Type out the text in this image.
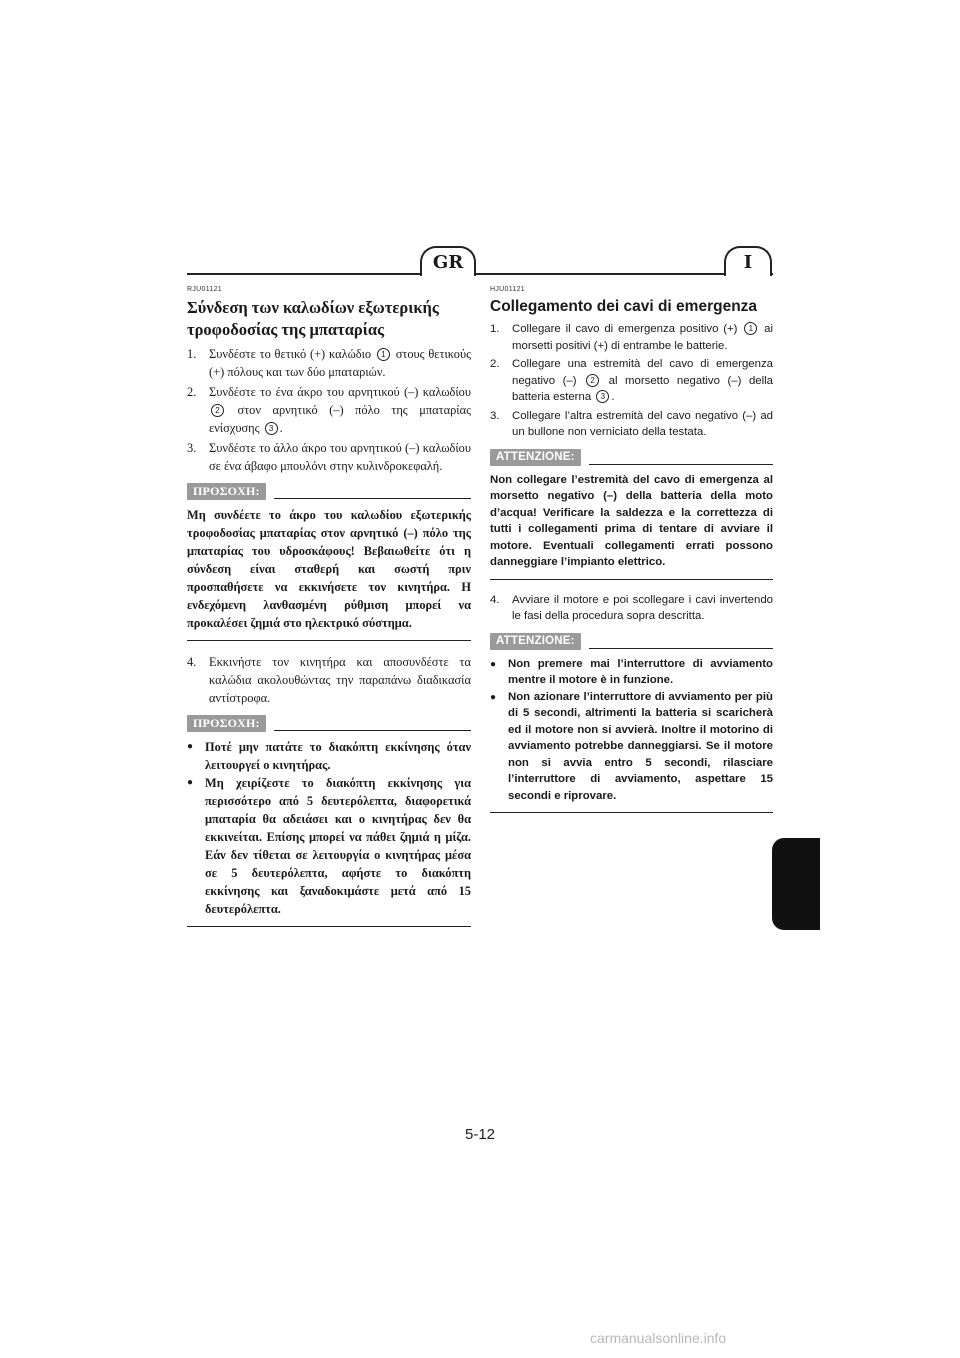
GR	I
RJU01121
Σύνδεση των καλωδίων εξωτερικής τροφοδοσίας της μπαταρίας
1.	Συνδέστε το θετικό (+) καλώδιο 1 στους θετικούς (+) πόλους και των δύο μπαταριών.
2.	Συνδέστε το ένα άκρο του αρνητικού (–) καλωδίου 2 στον αρνητικό (–) πόλο της μπαταρίας ενίσχυσης 3 .
3.	Συνδέστε το άλλο άκρο του αρνητικού (–) καλωδίου σε ένα άβαφο μπουλόνι στην κυλινδροκεφαλή.
ΠΡΟΣΟΧΗ:
Μη συνδέετε το άκρο του καλωδίου εξωτερικής τροφοδοσίας μπαταρίας στον αρνητικό (–) πόλο της μπαταρίας του υδροσκάφους! Βεβαιωθείτε ότι η σύνδεση είναι σταθερή και σωστή πριν προσπαθήσετε να εκκινήσετε τον κινητήρα. Η ενδεχόμενη λανθασμένη ρύθμιση μπορεί να προκαλέσει ζημιά στο ηλεκτρικό σύστημα.
4.	Εκκινήστε τον κινητήρα και αποσυνδέστε τα καλώδια ακολουθώντας την παραπάνω διαδικασία αντίστροφα.
ΠΡΟΣΟΧΗ:
● Ποτέ μην πατάτε το διακόπτη εκκίνησης όταν λειτουργεί ο κινητήρας.
● Μη χειρίζεστε το διακόπτη εκκίνησης για περισσότερο από 5 δευτερόλεπτα, διαφορετικά μπαταρία θα αδειάσει και ο κινητήρας δεν θα εκκινείται. Επίσης μπορεί να πάθει ζημιά η μίζα. Εάν δεν τίθεται σε λειτουργία ο κινητήρας μέσα σε 5 δευτερόλεπτα, αφήστε το διακόπτη εκκίνησης και ξαναδοκιμάστε μετά από 15 δευτερόλεπτα.
HJU01121
Collegamento dei cavi di emergenza
1.	Collegare il cavo di emergenza positivo (+) 1 ai morsetti positivi (+) di entrambe le batterie.
2.	Collegare una estremità del cavo di emergenza negativo (–) 2 al morsetto negativo (–) della batteria esterna 3 .
3.	Collegare l’altra estremità del cavo negativo (–) ad un bullone non verniciato della testata.
ATTENZIONE:
Non collegare l’estremità del cavo di emergenza al morsetto negativo (–) della batteria della moto d’acqua! Verificare la saldezza e la correttezza di tutti i collegamenti prima di tentare di avviare il motore. Eventuali collegamenti errati possono danneggiare l’impianto elettrico.
4.	Avviare il motore e poi scollegare i cavi invertendo le fasi della procedura sopra descritta.
ATTENZIONE:
●	Non premere mai l’interruttore di avviamento mentre il motore è in funzione.
●	Non azionare l’interruttore di avviamento per più di 5 secondi, altrimenti la batteria si scaricherà ed il motore non si avvierà. Inoltre il motorino di avviamento potrebbe danneggiarsi. Se il motore non si avvia entro 5 secondi, rilasciare l’interruttore di avviamento, aspettare 15 secondi e riprovare.
5-12
carmanualsonline.info
